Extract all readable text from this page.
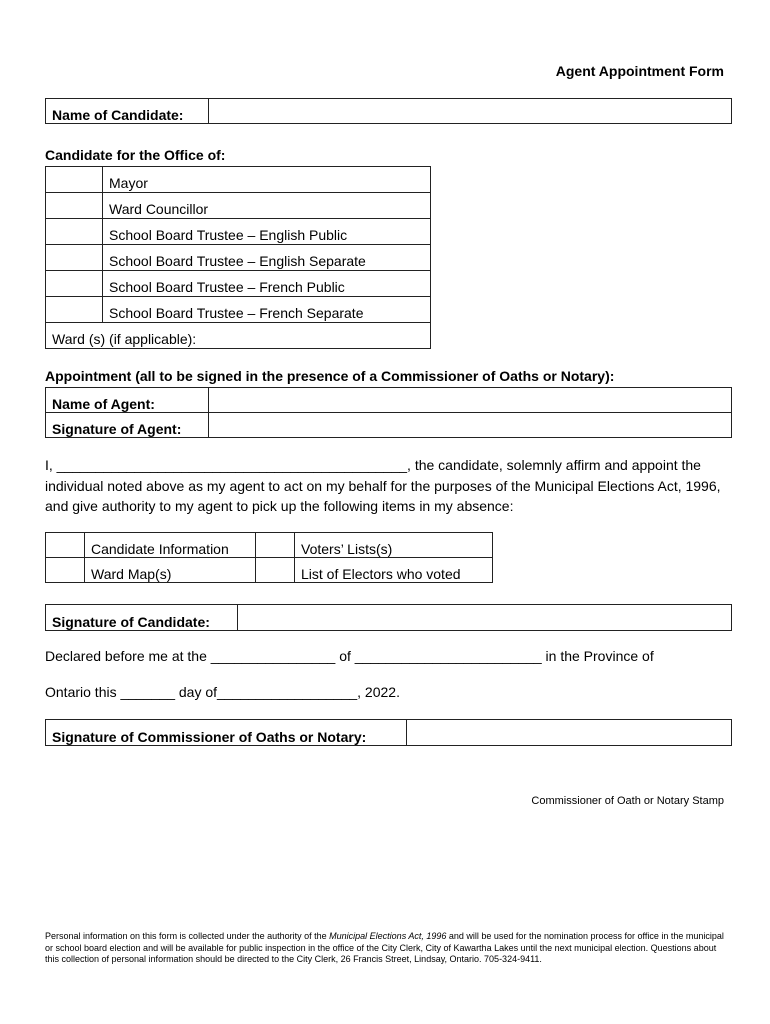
Agent Appointment Form
Name of Candidate:	
Candidate for the Office of:
	Mayor
	Ward Councillor
	School Board Trustee – English Public
	School Board Trustee – English Separate
	School Board Trustee – French Public
	School Board Trustee – French Separate
Ward (s) (if applicable):	
Appointment (all to be signed in the presence of a Commissioner of Oaths or Notary):
Name of Agent:	
Signature of Agent:	
I, _____________________________________________, the candidate, solemnly affirm and appoint the individual noted above as my agent to act on my behalf for the purposes of the Municipal Elections Act, 1996, and give authority to my agent to pick up the following items in my absence:
	Candidate Information		Voters’ Lists(s)
	Ward Map(s)		List of Electors who voted
Signature of Candidate:	
Declared before me at the ________________ of ________________________ in the Province of
Ontario this _______ day of__________________, 2022.
Signature of Commissioner of Oaths or Notary:	
Commissioner of Oath or Notary Stamp
Personal information on this form is collected under the authority of the Municipal Elections Act, 1996 and will be used for the nomination process for office in the municipal or school board election and will be available for public inspection in the office of the City Clerk, City of Kawartha Lakes until the next municipal election. Questions about this collection of personal information should be directed to the City Clerk, 26 Francis Street, Lindsay, Ontario. 705-324-9411.
